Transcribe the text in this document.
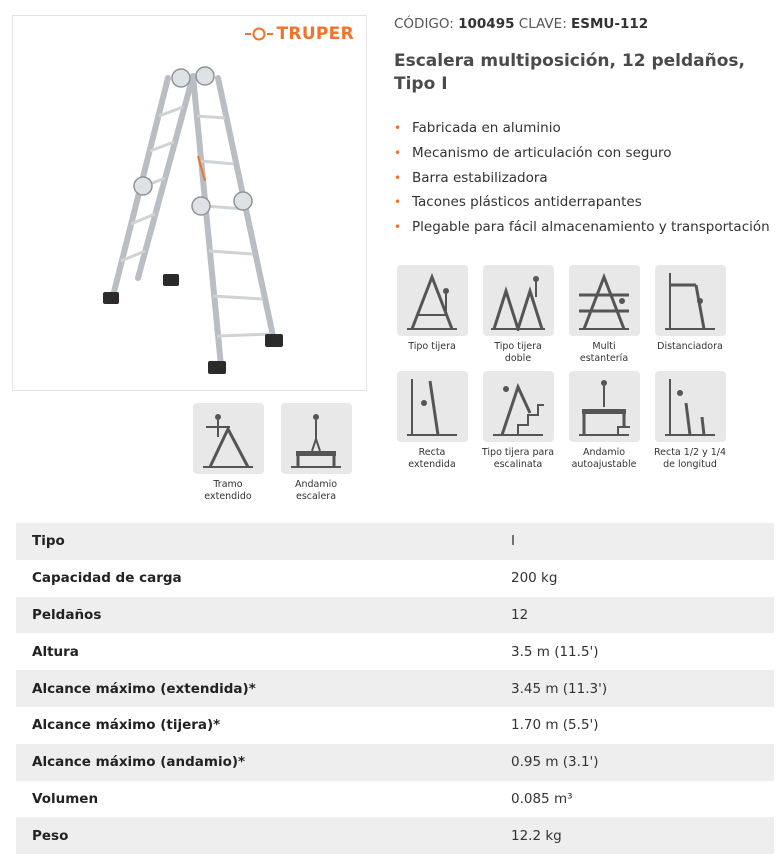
TRUPER
Tramo
extendido
Andamio
escalera
CÓDIGO: 100495 CLAVE: ESMU-112
Escalera multiposición, 12 peldaños, Tipo I
• Fabricada en aluminio
• Mecanismo de articulación con seguro
• Barra estabilizadora
• Tacones plásticos antiderrapantes
• Plegable para fácil almacenamiento y transportación
Tipo tijera	Tipo tijera
doble
Multi
estantería
Distanciadora
Recta
extendida
Tipo tijera para
escalinata
Andamio
autoajustable
Recta 1/2 y 1/4
de longitud
Tipo	I
Capacidad de carga	200 kg
Peldaños	12
Altura	3.5 m (11.5')
Alcance máximo (extendida)*	3.45 m (11.3')
Alcance máximo (tijera)*	1.70 m (5.5')
Alcance máximo (andamio)*	0.95 m (3.1')
Volumen	0.085 m³
Peso	12.2 kg
